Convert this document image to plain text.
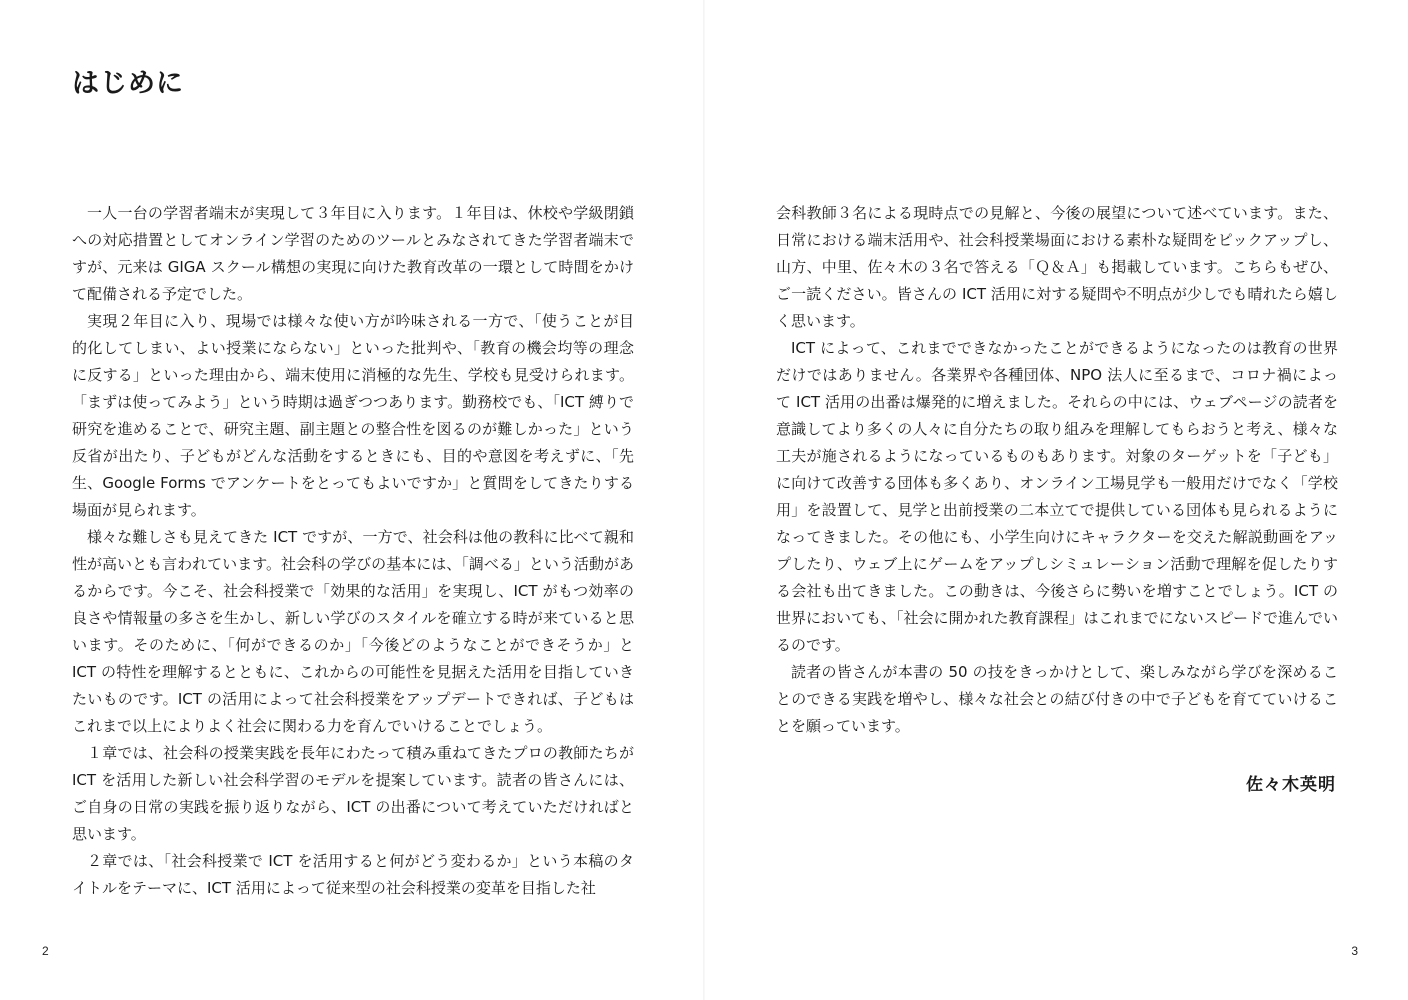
はじめに

一人一台の学習者端末が実現して３年目に入ります。１年目は、休校や学級閉鎖への対応措置としてオンライン学習のためのツールとみなされてきた学習者端末ですが、元来は GIGA スクール構想の実現に向けた教育改革の一環として時間をかけて配備される予定でした。

実現２年目に入り、現場では様々な使い方が吟味される一方で、「使うことが目的化してしまい、よい授業にならない」といった批判や、「教育の機会均等の理念に反する」といった理由から、端末使用に消極的な先生、学校も見受けられます。「まずは使ってみよう」という時期は過ぎつつあります。勤務校でも、「ICT 縛りで研究を進めることで、研究主題、副主題との整合性を図るのが難しかった」という反省が出たり、子どもがどんな活動をするときにも、目的や意図を考えずに、「先生、Google Forms でアンケートをとってもよいですか」と質問をしてきたりする場面が見られます。

様々な難しさも見えてきた ICT ですが、一方で、社会科は他の教科に比べて親和性が高いとも言われています。社会科の学びの基本には、「調べる」という活動があるからです。今こそ、社会科授業で「効果的な活用」を実現し、ICT がもつ効率の良さや情報量の多さを生かし、新しい学びのスタイルを確立する時が来ていると思います。そのために、「何ができるのか」「今後どのようなことができそうか」と ICT の特性を理解するとともに、これからの可能性を見据えた活用を目指していきたいものです。ICT の活用によって社会科授業をアップデートできれば、子どもはこれまで以上によりよく社会に関わる力を育んでいけることでしょう。

１章では、社会科の授業実践を長年にわたって積み重ねてきたプロの教師たちが ICT を活用した新しい社会科学習のモデルを提案しています。読者の皆さんには、ご自身の日常の実践を振り返りながら、ICT の出番について考えていただければと思います。

２章では、「社会科授業で ICT を活用すると何がどう変わるか」という本稿のタイトルをテーマに、ICT 活用によって従来型の社会科授業の変革を目指した社

2

会科教師３名による現時点での見解と、今後の展望について述べています。また、日常における端末活用や、社会科授業場面における素朴な疑問をピックアップし、山方、中里、佐々木の３名で答える「Ｑ＆Ａ」も掲載しています。こちらもぜひ、ご一読ください。皆さんの ICT 活用に対する疑問や不明点が少しでも晴れたら嬉しく思います。

ICT によって、これまでできなかったことができるようになったのは教育の世界だけではありません。各業界や各種団体、NPO 法人に至るまで、コロナ禍によって ICT 活用の出番は爆発的に増えました。それらの中には、ウェブページの読者を意識してより多くの人々に自分たちの取り組みを理解してもらおうと考え、様々な工夫が施されるようになっているものもあります。対象のターゲットを「子ども」に向けて改善する団体も多くあり、オンライン工場見学も一般用だけでなく「学校用」を設置して、見学と出前授業の二本立てで提供している団体も見られるようになってきました。その他にも、小学生向けにキャラクターを交えた解説動画をアップしたり、ウェブ上にゲームをアップしシミュレーション活動で理解を促したりする会社も出てきました。この動きは、今後さらに勢いを増すことでしょう。ICT の世界においても、「社会に開かれた教育課程」はこれまでにないスピードで進んでいるのです。

読者の皆さんが本書の 50 の技をきっかけとして、楽しみながら学びを深めることのできる実践を増やし、様々な社会との結び付きの中で子どもを育てていけることを願っています。

佐々木英明
3
